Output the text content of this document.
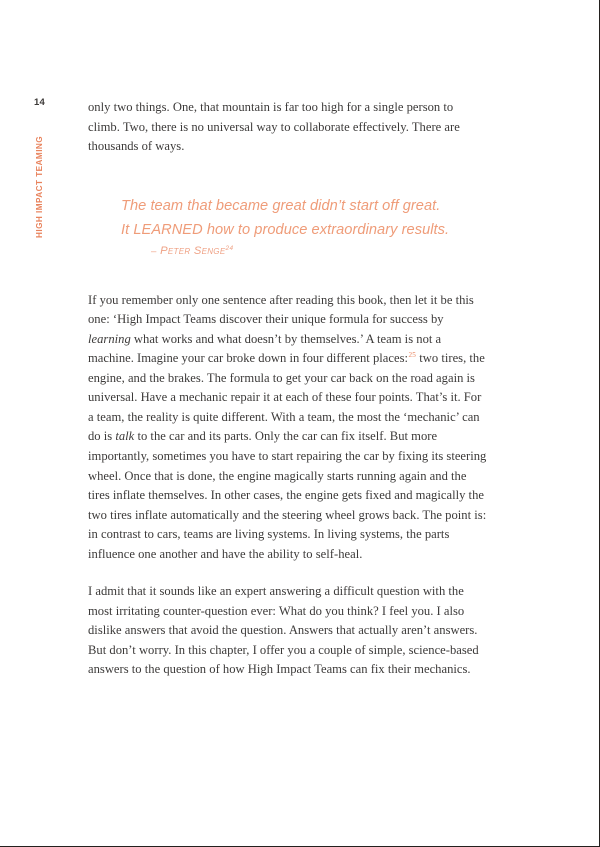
14
HIGH IMPACT TEAMING

only two things. One, that mountain is far too high for a single person to climb. Two, there is no universal way to collaborate effectively. There are thousands of ways.

The team that became great didn’t start off great.
It LEARNED how to produce extraordinary results.
– Peter Senge$^{24}$

If you remember only one sentence after reading this book, then let it be this one: ‘High Impact Teams discover their unique formula for success by learning what works and what doesn’t by themselves.’ A team is not a machine. Imagine your car broke down in four different places:$^{25}$ two tires, the engine, and the brakes. The formula to get your car back on the road again is universal. Have a mechanic repair it at each of these four points. That’s it. For a team, the reality is quite different. With a team, the most the ‘mechanic’ can do is talk to the car and its parts. Only the car can fix itself. But more importantly, sometimes you have to start repairing the car by fixing its steering wheel. Once that is done, the engine magically starts running again and the tires inflate themselves. In other cases, the engine gets fixed and magically the two tires inflate automatically and the steering wheel grows back. The point is: in contrast to cars, teams are living systems. In living systems, the parts influence one another and have the ability to self-heal.

I admit that it sounds like an expert answering a difficult question with the most irritating counter-question ever: What do you think? I feel you. I also dislike answers that avoid the question. Answers that actually aren’t answers. But don’t worry. In this chapter, I offer you a couple of simple, science-based answers to the question of how High Impact Teams can fix their mechanics.
